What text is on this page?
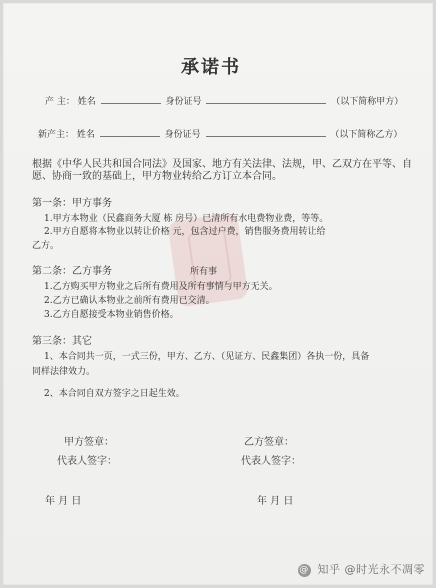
承诺书
产 主： 姓名	身份证号	（以下简称甲方）
新产主： 姓名	身份证号	（以下简称乙方）
根据《中华人民共和国合同法》及国家、地方有关法律、法规，甲、乙双方在平等、自
愿、协商一致的基础上，甲方物业转给乙方订立本合同。
第一条：甲方事务
1.甲方本物业（民鑫商务大厦 栋 房号）已清所有水电费物业费，等等。
2.甲方自愿将本物业以转让价格 元，包含过户费，销售服务费用转让给
乙方。
第二条：乙方事务	所有事
1.乙方购买甲方物业之后所有费用及所有事情与甲方无关。
2.乙方已确认本物业之前所有费用已交清。
3.乙方自愿接受本物业销售价格。
第三条：其它
1、本合同共一页，一式三份，甲方、乙方、（见证方、民鑫集团）各执一份，具备
同样法律效力。
2、本合同自双方签字之日起生效。
甲方签章：
代表人签字：
乙方签章：
代表人签字：
年 月 日	年 月 日
@ 知乎 @时光永不凋零
